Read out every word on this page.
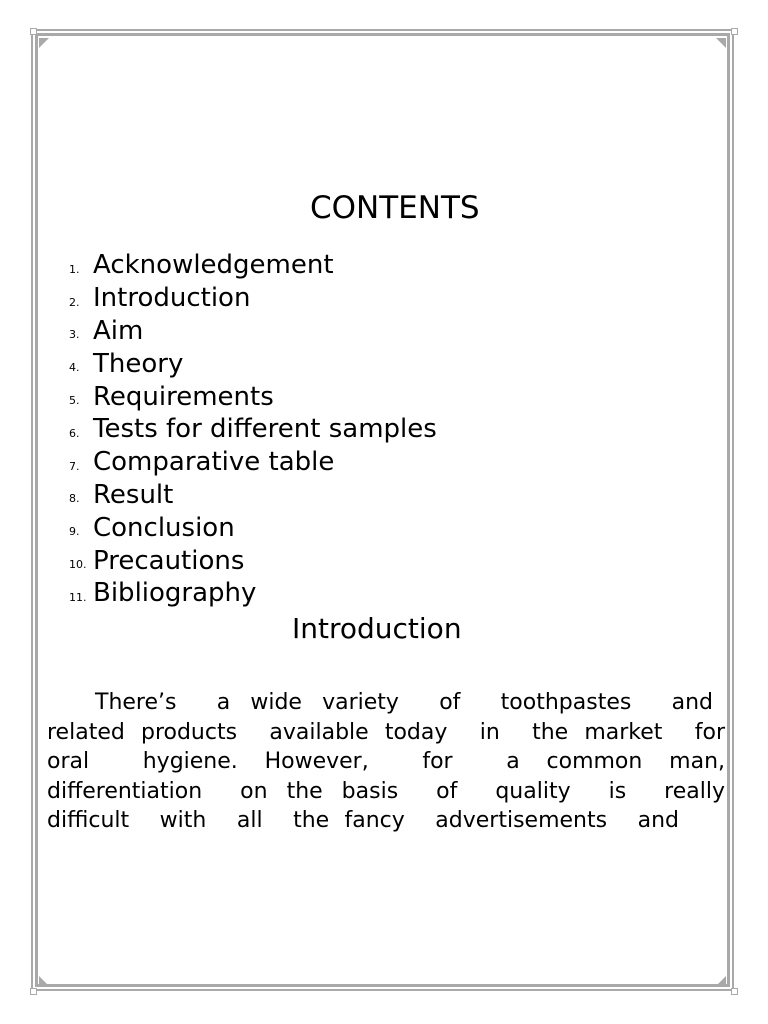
CONTENTS
1. Acknowledgement
2. Introduction
3. Aim
4. Theory
5. Requirements
6. Tests for different samples
7. Comparative table
8. Result
9. Conclusion
10. Precautions
11. Bibliography
Introduction

There’s  a wide variety  of  toothpastes  and
related products  available today  in  the market  for
oral  hygiene. However,  for  a common man,
differentiation  on the basis  of  quality  is  really
difficult  with  all  the fancy  advertisements  and
